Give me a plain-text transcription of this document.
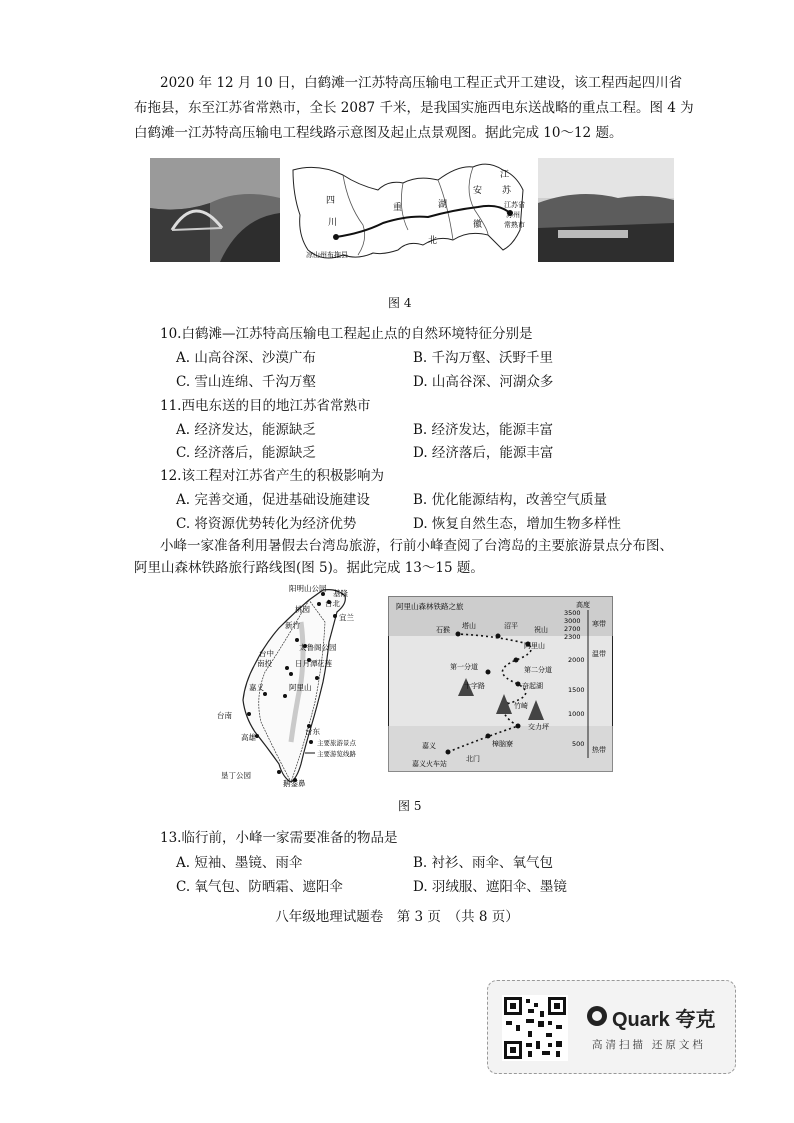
2020 年 12 月 10 日，白鹤滩一江苏特高压输电工程正式开工建设，该工程西起四川省
布拖县，东至江苏省常熟市，全长 2087 千米，是我国实施西电东送战略的重点工程。图 4 为
白鹤滩一江苏特高压输电工程线路示意图及起止点景观图。据此完成 10～12 题。
四
川
重	湖
北
安
徽
江
苏
江苏省
苏州
常熟市
凉山州布拖县
图 4
10.白鹤滩—江苏特高压输电工程起止点的自然环境特征分别是
A. 山高谷深、沙漠广布	B. 千沟万壑、沃野千里
C. 雪山连绵、千沟万壑	D. 山高谷深、河湖众多
11.西电东送的目的地江苏省常熟市
A. 经济发达，能源缺乏	B. 经济发达，能源丰富
C. 经济落后，能源缺乏	D. 经济落后，能源丰富
12.该工程对江苏省产生的积极影响为
A. 完善交通，促进基础设施建设	B. 优化能源结构，改善空气质量
C. 将资源优势转化为经济优势	D. 恢复自然生态，增加生物多样性
小峰一家准备利用暑假去台湾岛旅游，行前小峰查阅了台湾岛的主要旅游景点分布图、
阿里山森林铁路旅行路线图(图 5)。据此完成 13～15 题。
阳明山公园
基隆
台北
宜兰
桃园
新竹
太鲁阁公园
台中
日月潭
南投	花莲
嘉义	阿里山
台南
台东
高雄
垦丁公园
鹅銮鼻
主要旅游景点
主要游览线路
阿里山森林铁路之旅	高度
3500
3000
2700
2300
2000
1500
1000
500
寒带
温带
热带
石猴 塔山	沼平 祝山
阿里山
第一分道	第二分道
十字路	奋起湖
交力坪
樟脑寮
竹崎
北门
嘉义
嘉义火车站
图 5
13.临行前，小峰一家需要准备的物品是
A. 短袖、墨镜、雨伞	B. 衬衫、雨伞、氧气包
C. 氧气包、防晒霜、遮阳伞	D. 羽绒服、遮阳伞、墨镜
八年级地理试题卷　第 3 页　（共 8 页）
Quark 夸克
高清扫描 还原文档
